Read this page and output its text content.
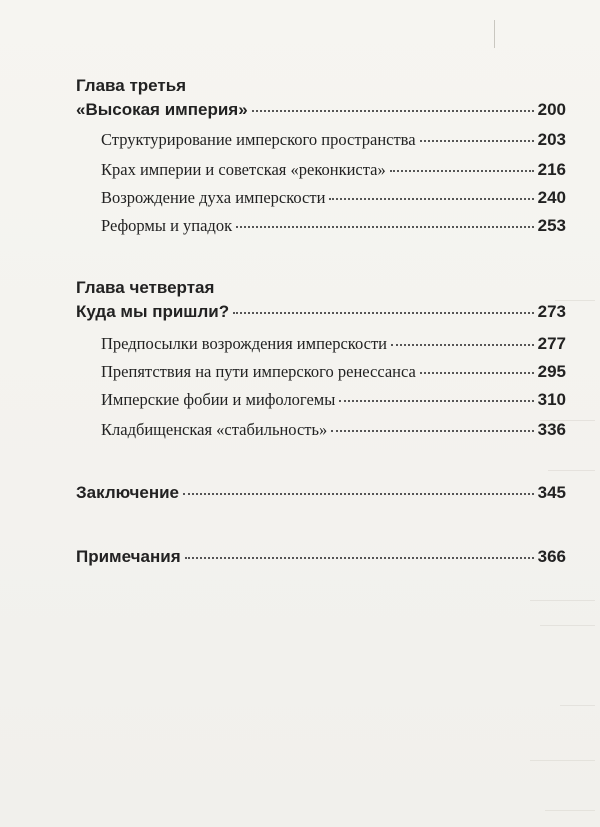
Глава третья
«Высокая империя»	200
Структурирование имперского пространства	203
Крах империи и советская «реконкиста»	216
Возрождение духа имперскости	240
Реформы и упадок	253
Глава четвертая
Куда мы пришли?	273
Предпосылки возрождения имперскости	277
Препятствия на пути имперского ренессанса	295
Имперские фобии и мифологемы	310
Кладбищенская «стабильность»	336
Заключение	345
Примечания	366
